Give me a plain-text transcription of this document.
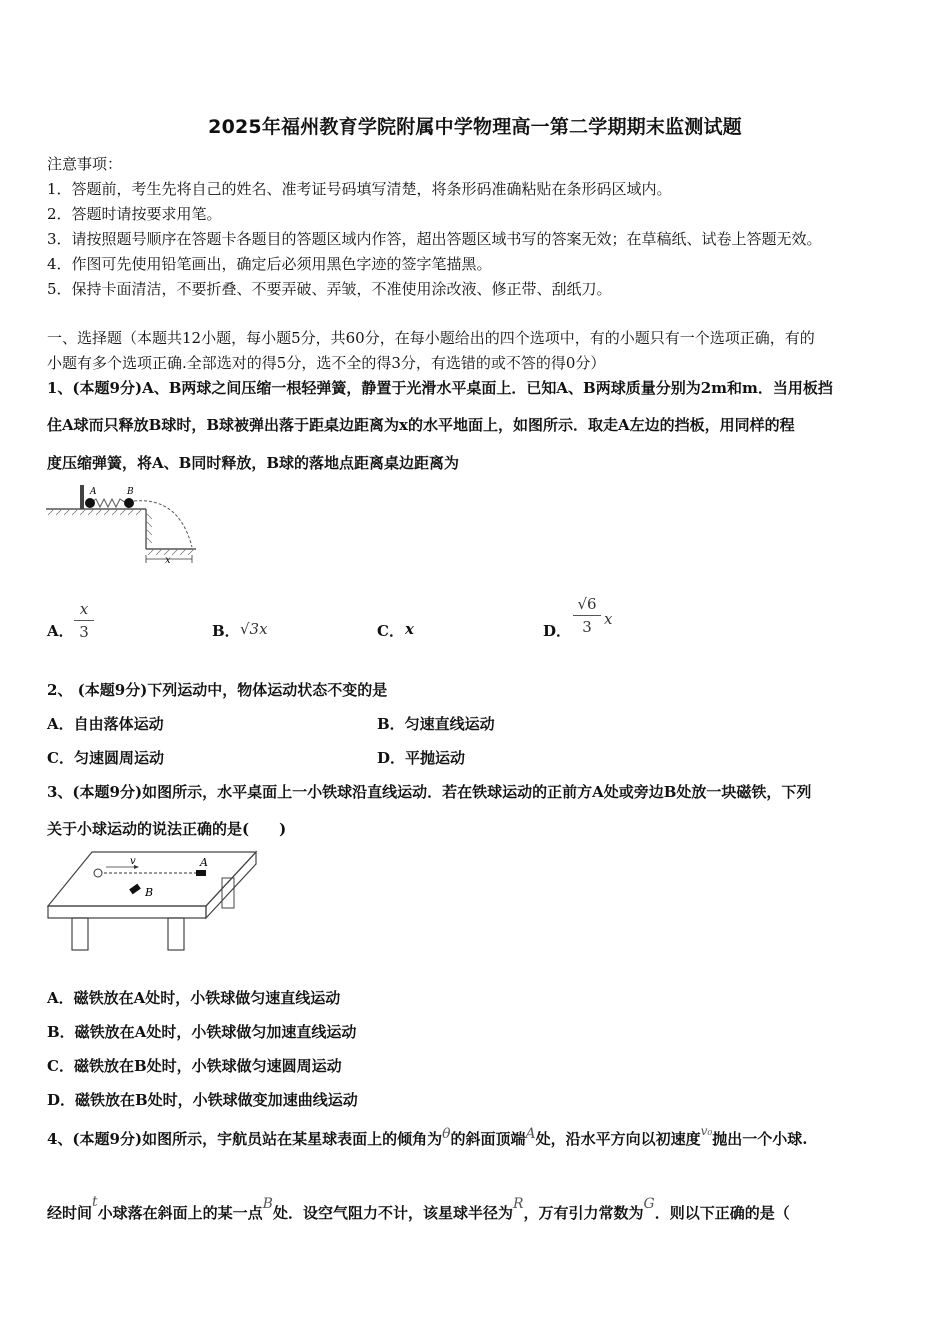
2025年福州教育学院附属中学物理高一第二学期期末监测试题
注意事项：
1．答题前，考生先将自己的姓名、准考证号码填写清楚，将条形码准确粘贴在条形码区域内。
2．答题时请按要求用笔。
3．请按照题号顺序在答题卡各题目的答题区域内作答，超出答题区域书写的答案无效；在草稿纸、试卷上答题无效。
4．作图可先使用铅笔画出，确定后必须用黑色字迹的签字笔描黑。
5．保持卡面清洁，不要折叠、不要弄破、弄皱，不准使用涂改液、修正带、刮纸刀。
一、选择题（本题共12小题，每小题5分，共60分，在每小题给出的四个选项中，有的小题只有一个选项正确，有的
小题有多个选项正确.全部选对的得5分，选不全的得3分，有选错的或不答的得0分）
1、(本题9分)A、B两球之间压缩一根轻弹簧，静置于光滑水平桌面上．已知A、B两球质量分别为2m和m．当用板挡
住A球而只释放B球时，B球被弹出落于距桌边距离为x的水平地面上，如图所示．取走A左边的挡板，用同样的程
度压缩弹簧，将A、B同时释放，B球的落地点距离桌边距离为
A	B
x
A．
x
3	B． √3x	C． x	D．
√6
3 x
2、 (本题9分)下列运动中，物体运动状态不变的是
A．自由落体运动	B．匀速直线运动
C．匀速圆周运动	D．平抛运动
3、(本题9分)如图所示，水平桌面上一小铁球沿直线运动．若在铁球运动的正前方A处或旁边B处放一块磁铁，下列
关于小球运动的说法正确的是(　　)
v	A
B
A．磁铁放在A处时，小铁球做匀速直线运动
B．磁铁放在A处时，小铁球做匀加速直线运动
C．磁铁放在B处时，小铁球做匀速圆周运动
D．磁铁放在B处时，小铁球做变加速曲线运动
4、(本题9分)如图所示，宇航员站在某星球表面上的倾角为θ的斜面顶端A处，沿水平方向以初速度$^{v_0}$抛出一个小球.
经时间t小球落在斜面上的某一点B处．设空气阻力不计，该星球半径为R，万有引力常数为G．则以下正确的是（
